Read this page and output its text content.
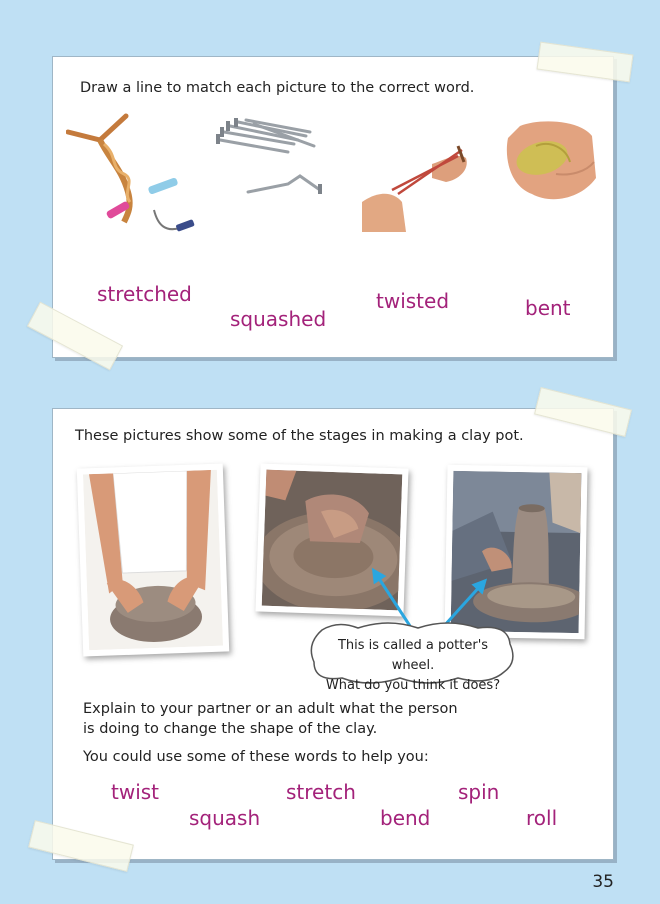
Draw a line to match each picture to the correct word.
stretched
squashed
twisted	bent
These pictures show some of the stages in making a clay pot.
This is called a potter's wheel.
What do you think it does?
Explain to your partner or an adult what the person
is doing to change the shape of the clay.
You could use some of these words to help you:
twist
squash
stretch
bend
spin
roll
35
